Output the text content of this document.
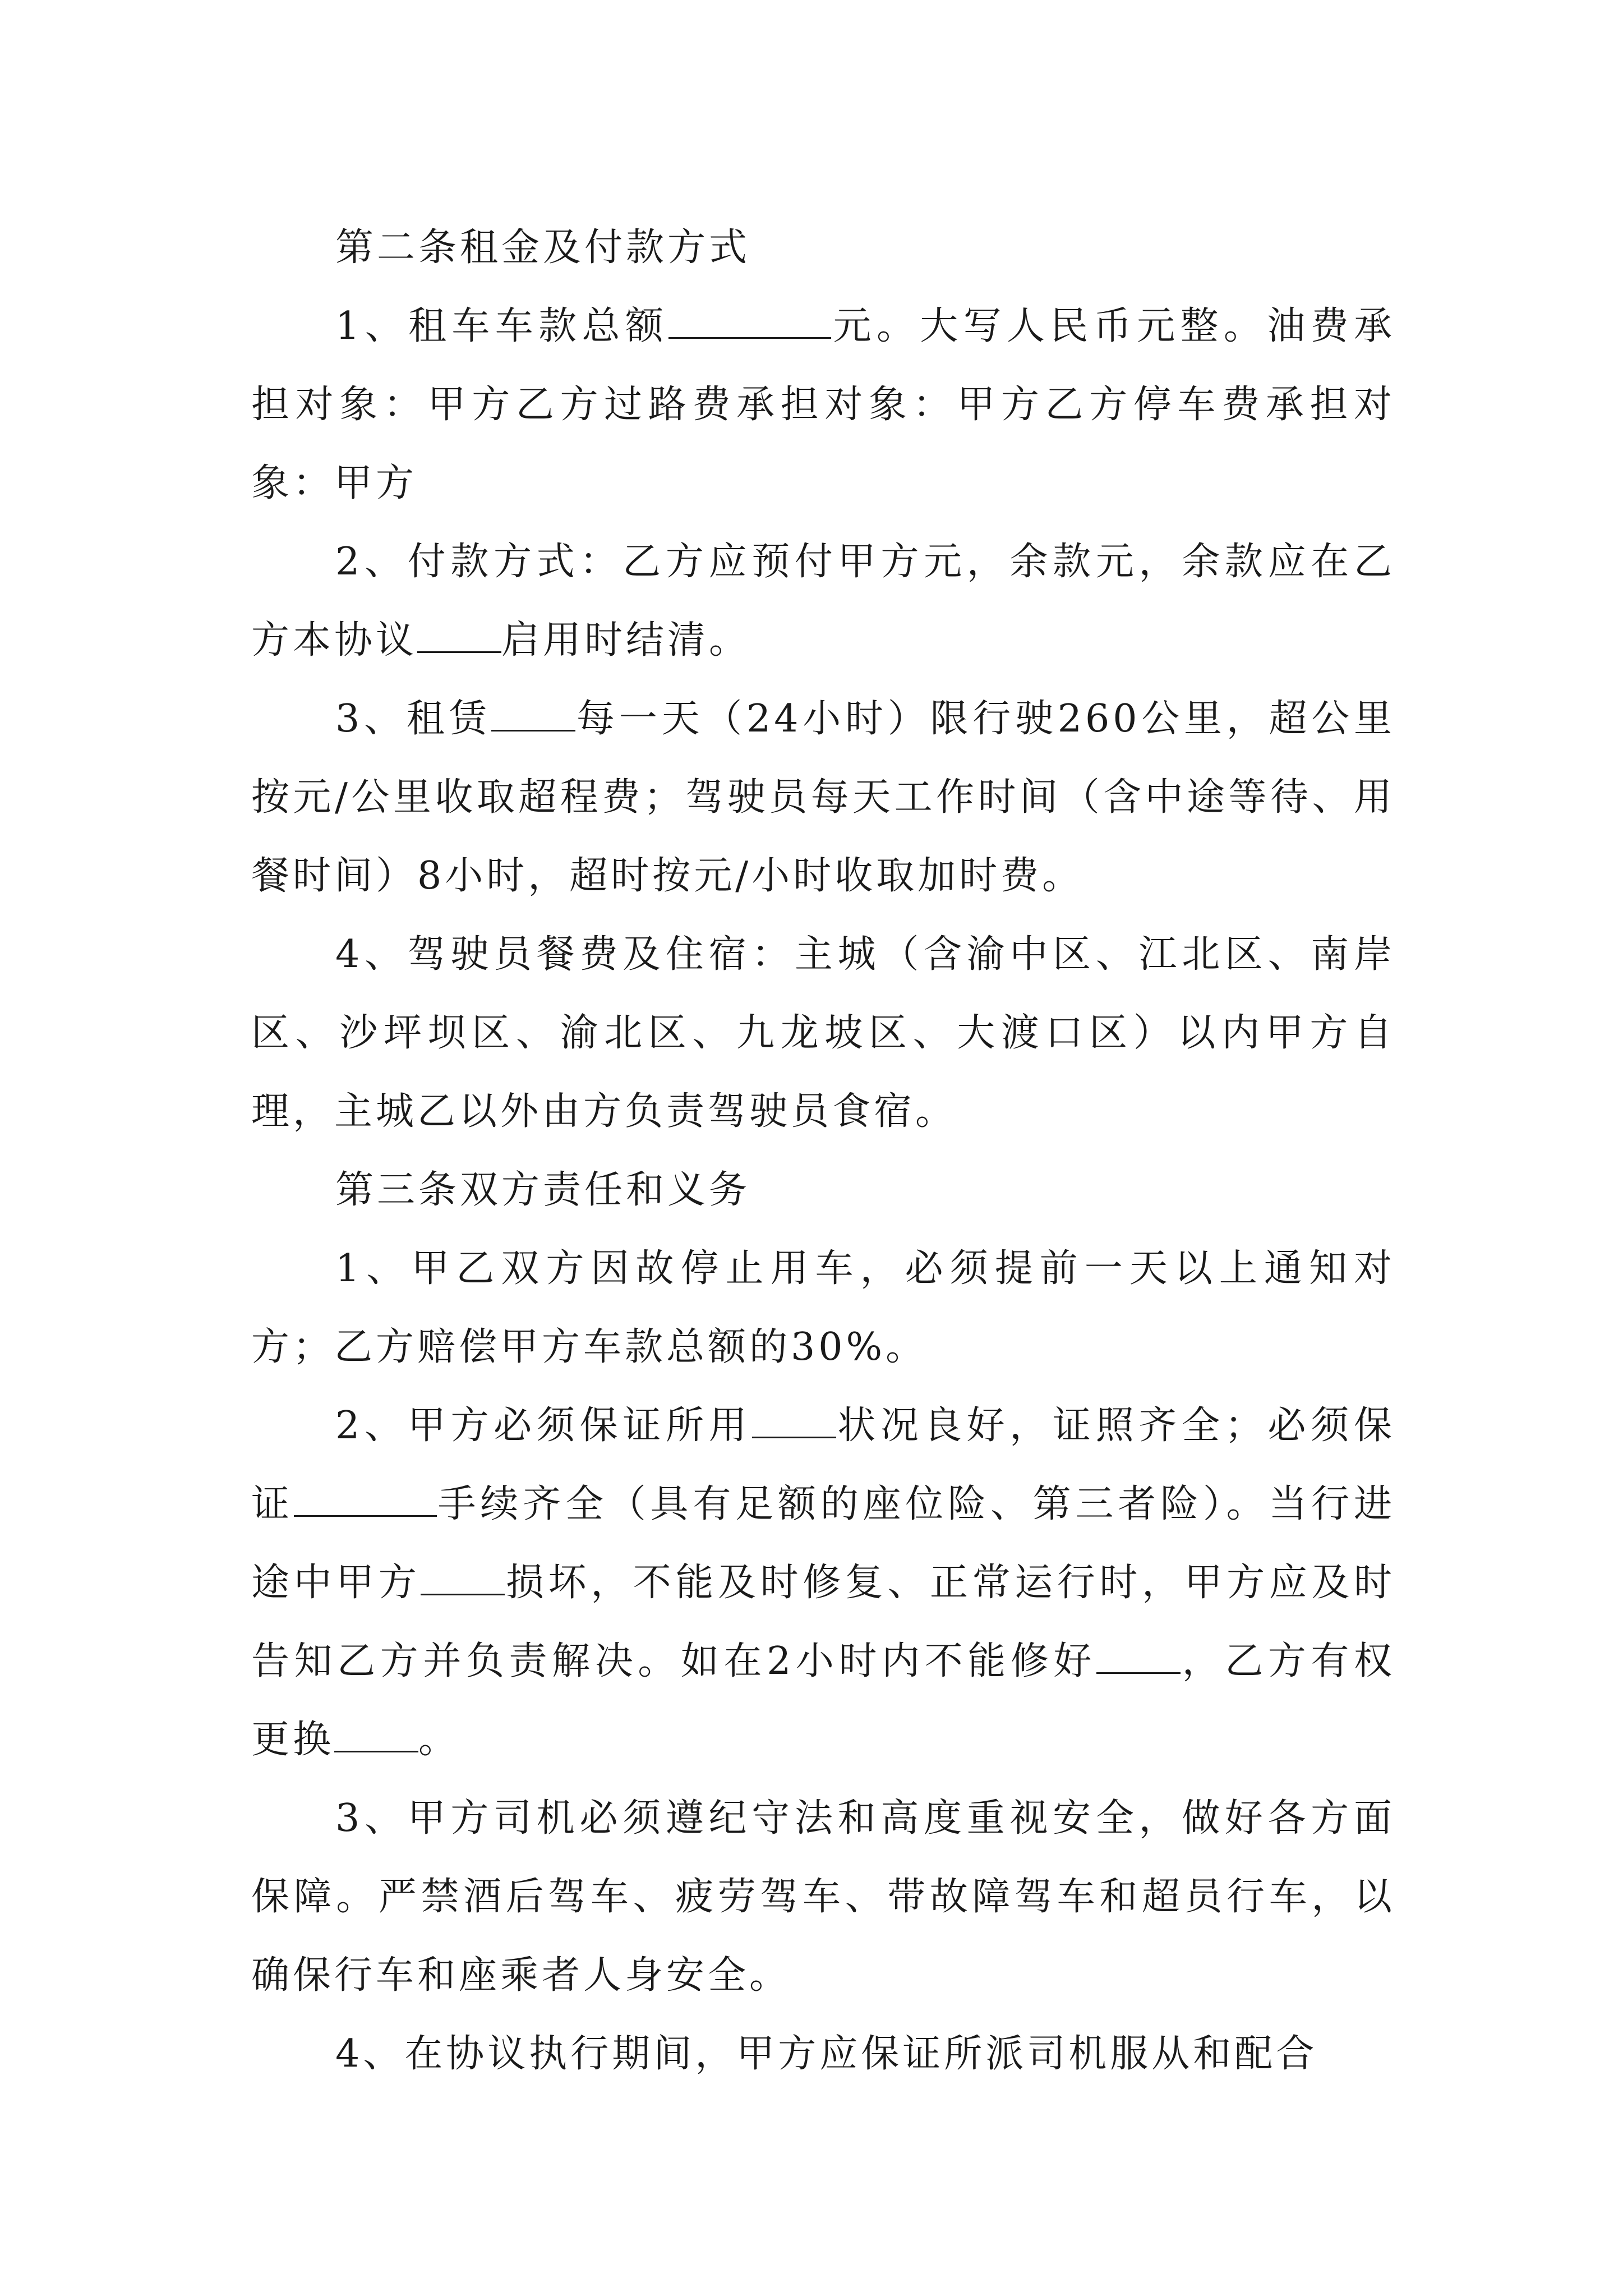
第二条租金及付款方式

1、租车车款总额	元。大写人民币元整。油费承担对象：甲方乙方过路费承担对象：甲方乙方停车费承担对象：甲方

2、付款方式：乙方应预付甲方元，余款元，余款应在乙方本协议 启用时结清。

3、租赁 每一天（24小时）限行驶260公里，超公里按元/公里收取超程费；驾驶员每天工作时间（含中途等待、用餐时间）8小时，超时按元/小时收取加时费。

4、驾驶员餐费及住宿：主城（含渝中区、江北区、南岸区、沙坪坝区、渝北区、九龙坡区、大渡口区）以内甲方自理，主城乙以外由方负责驾驶员食宿。

第三条双方责任和义务

1、甲乙双方因故停止用车，必须提前一天以上通知对方；乙方赔偿甲方车款总额的30%。

2、甲方必须保证所用 状况良好，证照齐全；必须保证	手续齐全（具有足额的座位险、第三者险）。当行进途中甲方 损坏，不能及时修复、正常运行时，甲方应及时告知乙方并负责解决。如在2小时内不能修好 ，乙方有权更换 。

3、甲方司机必须遵纪守法和高度重视安全，做好各方面保障。严禁酒后驾车、疲劳驾车、带故障驾车和超员行车，以确保行车和座乘者人身安全。

4、在协议执行期间，甲方应保证所派司机服从和配合
